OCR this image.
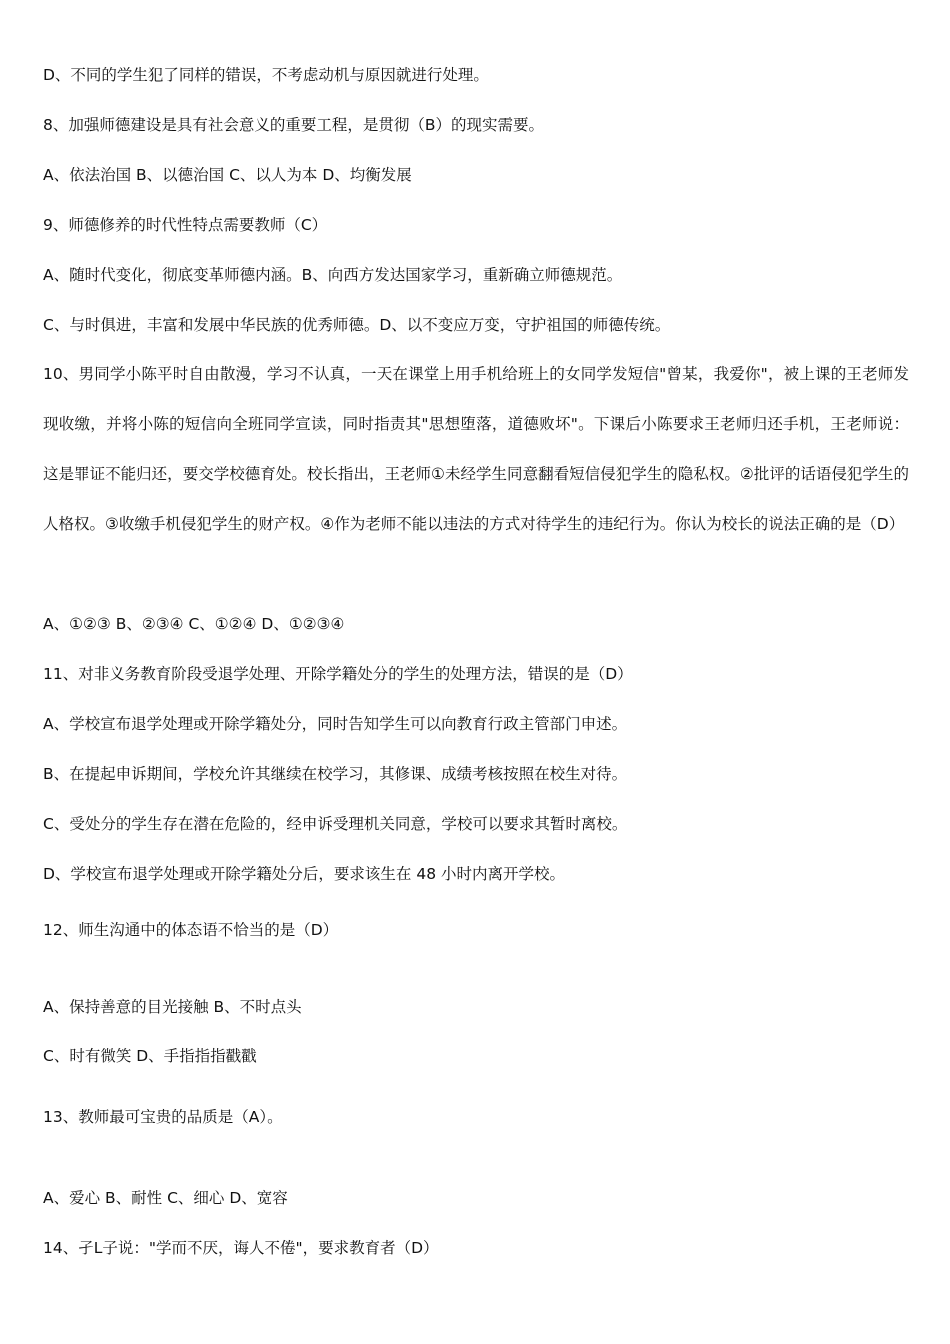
D、不同的学生犯了同样的错误，不考虑动机与原因就进行处理。
8、加强师德建设是具有社会意义的重要工程，是贯彻（B）的现实需要。
A、依法治国 B、以德治国 C、以人为本 D、均衡发展
9、师德修养的时代性特点需要教师（C）
A、随时代变化，彻底变革师德内涵。B、向西方发达国家学习，重新确立师德规范。
C、与时俱进，丰富和发展中华民族的优秀师德。D、以不变应万变，守护祖国的师德传统。
10、男同学小陈平时自由散漫，学习不认真，一天在课堂上用手机给班上的女同学发短信"曾某，我爱你"，被上课的王老师发现收缴，并将小陈的短信向全班同学宣读，同时指责其"思想堕落，道德败坏"。下课后小陈要求王老师归还手机，王老师说：这是罪证不能归还，要交学校德育处。校长指出，王老师①未经学生同意翻看短信侵犯学生的隐私权。②批评的话语侵犯学生的人格权。③收缴手机侵犯学生的财产权。④作为老师不能以违法的方式对待学生的违纪行为。你认为校长的说法正确的是（D）
A、①②③ B、②③④ C、①②④ D、①②③④
11、对非义务教育阶段受退学处理、开除学籍处分的学生的处理方法，错误的是（D）
A、学校宣布退学处理或开除学籍处分，同时告知学生可以向教育行政主管部门申述。
B、在提起申诉期间，学校允许其继续在校学习，其修课、成绩考核按照在校生对待。
C、受处分的学生存在潜在危险的，经申诉受理机关同意，学校可以要求其暂时离校。
D、学校宣布退学处理或开除学籍处分后，要求该生在 48 小时内离开学校。
12、师生沟通中的体态语不恰当的是（D）
A、保持善意的目光接触 B、不时点头
C、时有微笑 D、手指指指戳戳
13、教师最可宝贵的品质是（A）。
A、爱心 B、耐性 C、细心 D、宽容
14、孑L子说："学而不厌，诲人不倦"，要求教育者（D）
